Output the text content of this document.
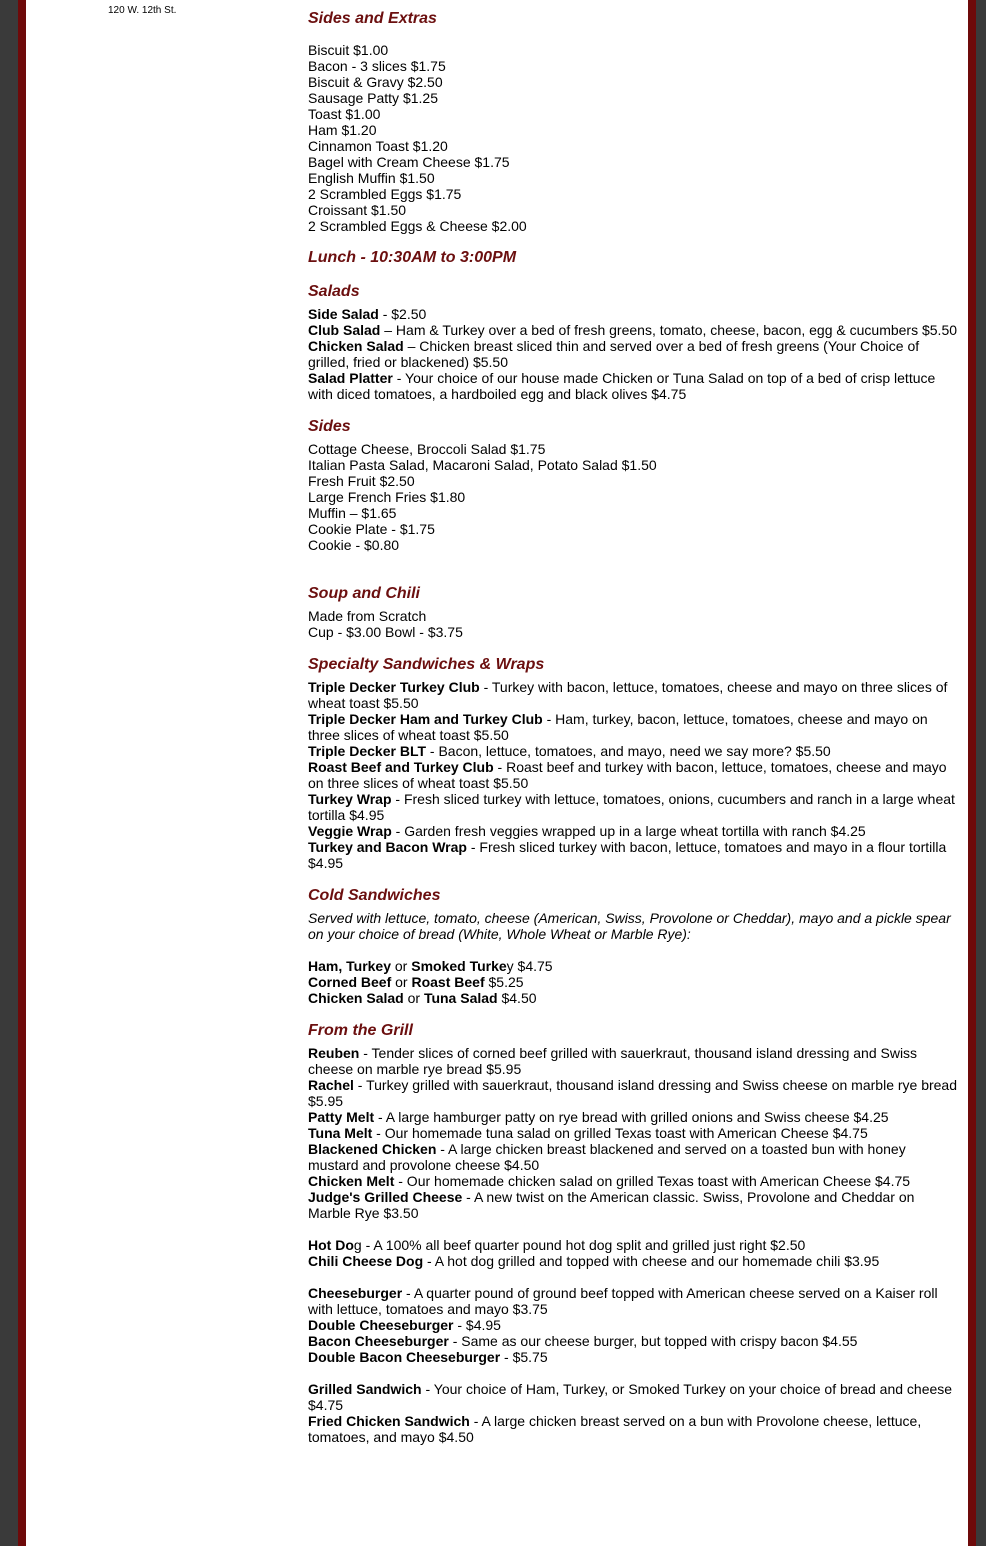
120 W. 12th St.	Sides and Extras

Biscuit $1.00

Bacon - 3 slices $1.75

Biscuit & Gravy $2.50

Sausage Patty $1.25

Toast $1.00

Ham $1.20

Cinnamon Toast $1.20

Bagel with Cream Cheese $1.75

English Muffin $1.50

2 Scrambled Eggs $1.75

Croissant $1.50

2 Scrambled Eggs & Cheese $2.00

Lunch - 10:30AM to 3:00PM

Salads

Side Salad - $2.50

Club Salad – Ham & Turkey over a bed of fresh greens, tomato, cheese, bacon, egg & cucumbers $5.50

Chicken Salad – Chicken breast sliced thin and served over a bed of fresh greens (Your Choice of grilled, fried or blackened) $5.50

Salad Platter - Your choice of our house made Chicken or Tuna Salad on top of a bed of crisp lettuce with diced tomatoes, a hardboiled egg and black olives $4.75

Sides

Cottage Cheese, Broccoli Salad $1.75

Italian Pasta Salad, Macaroni Salad, Potato Salad $1.50

Fresh Fruit $2.50

Large French Fries $1.80

Muffin – $1.65

Cookie Plate - $1.75

Cookie - $0.80

Soup and Chili

Made from Scratch

Cup - $3.00 Bowl - $3.75

Specialty Sandwiches & Wraps

Triple Decker Turkey Club - Turkey with bacon, lettuce, tomatoes, cheese and mayo on three slices of wheat toast $5.50

Triple Decker Ham and Turkey Club - Ham, turkey, bacon, lettuce, tomatoes, cheese and mayo on three slices of wheat toast $5.50

Triple Decker BLT - Bacon, lettuce, tomatoes, and mayo, need we say more? $5.50

Roast Beef and Turkey Club - Roast beef and turkey with bacon, lettuce, tomatoes, cheese and mayo on three slices of wheat toast $5.50

Turkey Wrap - Fresh sliced turkey with lettuce, tomatoes, onions, cucumbers and ranch in a large wheat tortilla $4.95

Veggie Wrap - Garden fresh veggies wrapped up in a large wheat tortilla with ranch $4.25

Turkey and Bacon Wrap - Fresh sliced turkey with bacon, lettuce, tomatoes and mayo in a flour tortilla $4.95

Cold Sandwiches

Served with lettuce, tomato, cheese (American, Swiss, Provolone or Cheddar), mayo and a pickle spear on your choice of bread (White, Whole Wheat or Marble Rye):

Ham, Turkey or Smoked Turkey $4.75

Corned Beef or Roast Beef $5.25

Chicken Salad or Tuna Salad $4.50

From the Grill

Reuben - Tender slices of corned beef grilled with sauerkraut, thousand island dressing and Swiss cheese on marble rye bread $5.95

Rachel - Turkey grilled with sauerkraut, thousand island dressing and Swiss cheese on marble rye bread $5.95

Patty Melt - A large hamburger patty on rye bread with grilled onions and Swiss cheese $4.25

Tuna Melt - Our homemade tuna salad on grilled Texas toast with American Cheese $4.75

Blackened Chicken - A large chicken breast blackened and served on a toasted bun with honey mustard and provolone cheese $4.50

Chicken Melt - Our homemade chicken salad on grilled Texas toast with American Cheese $4.75

Judge's Grilled Cheese - A new twist on the American classic. Swiss, Provolone and Cheddar on Marble Rye $3.50

Hot Dog - A 100% all beef quarter pound hot dog split and grilled just right $2.50

Chili Cheese Dog - A hot dog grilled and topped with cheese and our homemade chili $3.95

Cheeseburger - A quarter pound of ground beef topped with American cheese served on a Kaiser roll with lettuce, tomatoes and mayo $3.75

Double Cheeseburger - $4.95

Bacon Cheeseburger - Same as our cheese burger, but topped with crispy bacon $4.55

Double Bacon Cheeseburger - $5.75

Grilled Sandwich - Your choice of Ham, Turkey, or Smoked Turkey on your choice of bread and cheese $4.75

Fried Chicken Sandwich - A large chicken breast served on a bun with Provolone cheese, lettuce, tomatoes, and mayo $4.50
